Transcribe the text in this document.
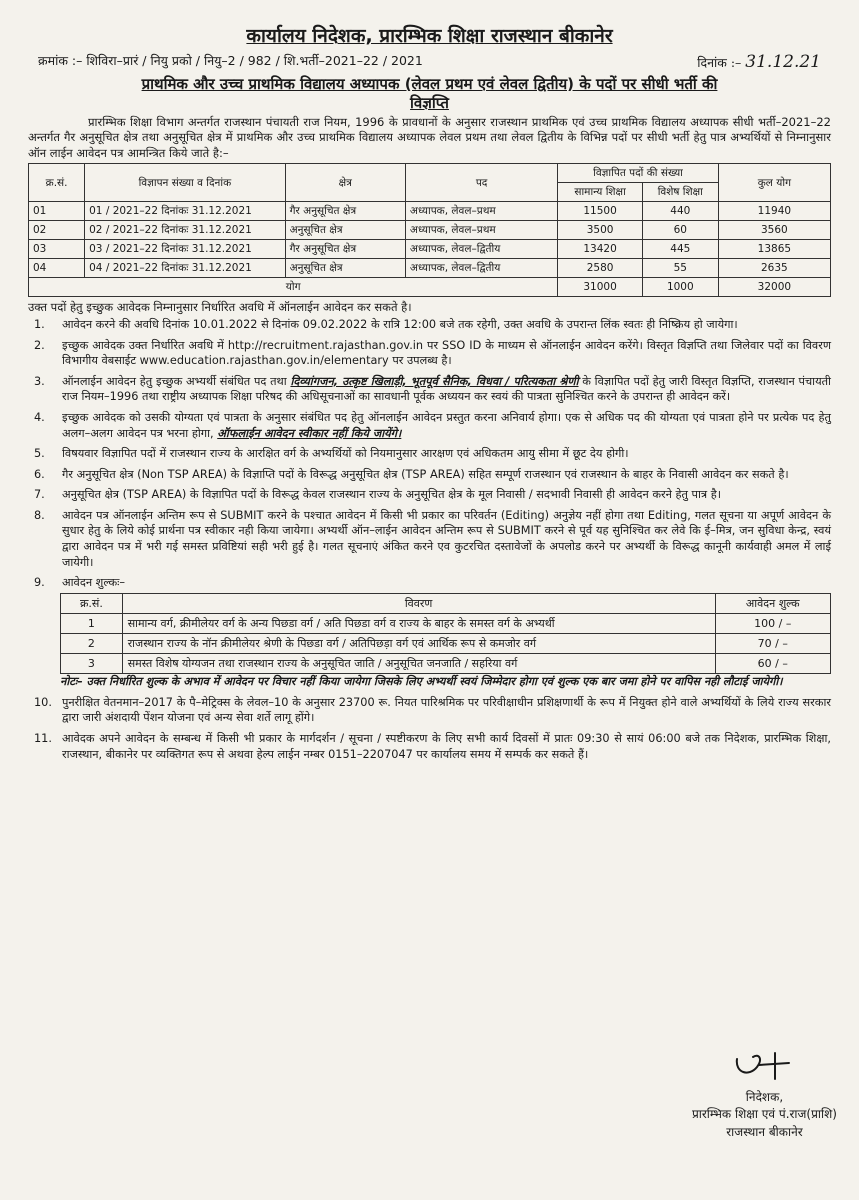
कार्यालय निदेशक, प्रारम्भिक शिक्षा राजस्थान बीकानेर
क्रमांक :– शिविरा–प्रारं / नियु प्रको / नियु–2 / 982 / शि.भर्ती–2021–22 / 2021	दिनांक :– 31.12.21
प्राथमिक और उच्च प्राथमिक विद्यालय अध्यापक (लेवल प्रथम एवं लेवल द्वितीय) के पदों पर सीधी भर्ती की
विज्ञप्ति

प्रारम्भिक शिक्षा विभाग अन्तर्गत राजस्थान पंचायती राज नियम, 1996 के प्रावधानों के अनुसार राजस्थान प्राथमिक एवं उच्च प्राथमिक विद्यालय अध्यापक सीधी भर्ती–2021–22 अन्तर्गत गैर अनुसूचित क्षेत्र तथा अनुसूचित क्षेत्र में प्राथमिक और उच्च प्राथमिक विद्यालय अध्यापक लेवल प्रथम तथा लेवल द्वितीय के विभिन्न पदों पर सीधी भर्ती हेतु पात्र अभ्यर्थियों से निम्नानुसार ऑन लाईन आवेदन पत्र आमन्त्रित किये जाते है:–

क्र.सं.	विज्ञापन संख्या व दिनांक	क्षेत्र	पद	विज्ञापित पदों की संख्या		कुल योग
				सामान्य शिक्षा	विशेष शिक्षा	
01	01 / 2021–22 दिनांकः 31.12.2021	गैर अनुसूचित क्षेत्र	अध्यापक, लेवल–प्रथम	11500	440	11940
02	02 / 2021–22 दिनांकः 31.12.2021	अनुसूचित क्षेत्र	अध्यापक, लेवल–प्रथम	3500	60	3560
03	03 / 2021–22 दिनांकः 31.12.2021	गैर अनुसूचित क्षेत्र	अध्यापक, लेवल–द्वितीय	13420	445	13865
04	04 / 2021–22 दिनांकः 31.12.2021	अनुसूचित क्षेत्र	अध्यापक, लेवल–द्वितीय	2580	55	2635
योग				31000	1000	32000
उक्त पदों हेतु इच्छुक आवेदक निम्नानुसार निर्धारित अवधि में ऑनलाईन आवेदन कर सकते है।
1.	आवेदन करने की अवधि दिनांक 10.01.2022 से दिनांक 09.02.2022 के रात्रि 12:00 बजे तक रहेगी, उक्त अवधि के उपरान्त लिंक स्वतः ही निष्क्रिय हो जायेगा।
2.	इच्छुक आवेदक उक्त निर्धारित अवधि में http://recruitment.rajasthan.gov.in पर SSO ID के माध्यम से ऑनलाईन आवेदन करेंगे। विस्तृत विज्ञप्ति तथा जिलेवार पदों का विवरण विभागीय वेबसाईट www.education.rajasthan.gov.in/elementary पर उपलब्ध है।
3.	ऑनलाईन आवेदन हेतु इच्छुक अभ्यर्थी संबंधित पद तथा दिव्यांगजन, उत्कृष्ट खिलाड़ी, भूतपूर्व सैनिक, विधवा / परित्यकता श्रेणी के विज्ञापित पदों हेतु जारी विस्तृत विज्ञप्ति, राजस्थान पंचायती राज नियम–1996 तथा राष्ट्रीय अध्यापक शिक्षा परिषद की अधिसूचनाओं का सावधानी पूर्वक अध्ययन कर स्वयं की पात्रता सुनिश्चित करने के उपरान्त ही आवेदन करें।
4.	इच्छुक आवेदक को उसकी योग्यता एवं पात्रता के अनुसार संबंधित पद हेतु ऑनलाईन आवेदन प्रस्तुत करना अनिवार्य होगा। एक से अधिक पद की योग्यता एवं पात्रता होने पर प्रत्येक पद हेतु अलग–अलग आवेदन पत्र भरना होगा, ऑफलाईन आवेदन स्वीकार नहीं किये जायेंगे।
5.	विषयवार विज्ञापित पदों में राजस्थान राज्य के आरक्षित वर्ग के अभ्यर्थियों को नियमानुसार आरक्षण एवं अधिकतम आयु सीमा में छूट देय होगी।
6.	गैर अनुसूचित क्षेत्र (Non TSP AREA) के विज्ञाप्ति पदों के विरूद्ध अनुसूचित क्षेत्र (TSP AREA) सहित सम्पूर्ण राजस्थान एवं राजस्थान के बाहर के निवासी आवेदन कर सकते है।
7.	अनुसूचित क्षेत्र (TSP AREA) के विज्ञापित पदों के विरूद्ध केवल राजस्थान राज्य के अनुसूचित क्षेत्र के मूल निवासी / सदभावी निवासी ही आवेदन करने हेतु पात्र है।
8.	आवेदन पत्र ऑनलाईन अन्तिम रूप से SUBMIT करने के पश्चात आवेदन में किसी भी प्रकार का परिवर्तन (Editing) अनुज्ञेय नहीं होगा तथा Editing, गलत सूचना या अपूर्ण आवेदन के सुधार हेतु के लिये कोई प्रार्थना पत्र स्वीकार नही किया जायेगा। अभ्यर्थी ऑन–लाईन आवेदन अन्तिम रूप से SUBMIT करने से पूर्व यह सुनिश्चित कर लेवे कि ई–मित्र, जन सुविधा केन्द्र, स्वयं द्वारा आवेदन पत्र में भरी गई समस्त प्रविष्टियां सही भरी हुई है। गलत सूचनाएं अंकित करने एव कुटरचित दस्तावेजों के अपलोड करने पर अभ्यर्थी के विरूद्ध कानूनी कार्यवाही अमल में लाई जायेगी।
9.	आवेदन शुल्कः–
क्र.सं.	विवरण	आवेदन शुल्क
1	सामान्य वर्ग, क्रीमीलेयर वर्ग के अन्य पिछडा वर्ग / अति पिछडा वर्ग व राज्य के बाहर के समस्त वर्ग के अभ्यर्थी	100 / –
2	राजस्थान राज्य के नॉन क्रीमीलेयर श्रेणी के पिछडा वर्ग / अतिपिछड़ा वर्ग एवं आर्थिक रूप से कमजोर वर्ग	70 / –
3	समस्त विशेष योग्यजन तथा राजस्थान राज्य के अनुसूचित जाति / अनुसूचित जनजाति / सहरिया वर्ग	60 / –
नोटः– उक्त निर्धारित शुल्क के अभाव में आवेदन पर विचार नहीं किया जायेगा जिसके लिए अभ्यर्थी स्वयं जिम्मेदार होगा एवं शुल्क एक बार जमा होने पर वापिस नही लौटाई जायेगी।
10. पुनरीक्षित वेतनमान–2017 के पै–मेट्रिक्स के लेवल–10 के अनुसार 23700 रू. नियत पारिश्रमिक पर परिवीक्षाधीन प्रशिक्षणार्थी के रूप में नियुक्त होने वाले अभ्यर्थियों के लिये राज्य सरकार द्वारा जारी अंशदायी पेंशन योजना एवं अन्य सेवा शर्ते लागू होंगे।
11. आवेदक अपने आवेदन के सम्बन्ध में किसी भी प्रकार के मार्गदर्शन / सूचना / स्पष्टीकरण के लिए सभी कार्य दिवसों में प्रातः 09:30 से सायं 06:00 बजे तक निदेशक, प्रारम्भिक शिक्षा, राजस्थान, बीकानेर पर व्यक्तिगत रूप से अथवा हेल्प लाईन नम्बर 0151–2207047 पर कार्यालय समय में सम्पर्क कर सकते हैं।
निदेशक,
प्रारम्भिक शिक्षा एवं पं.राज(प्राशि)
राजस्थान बीकानेर
